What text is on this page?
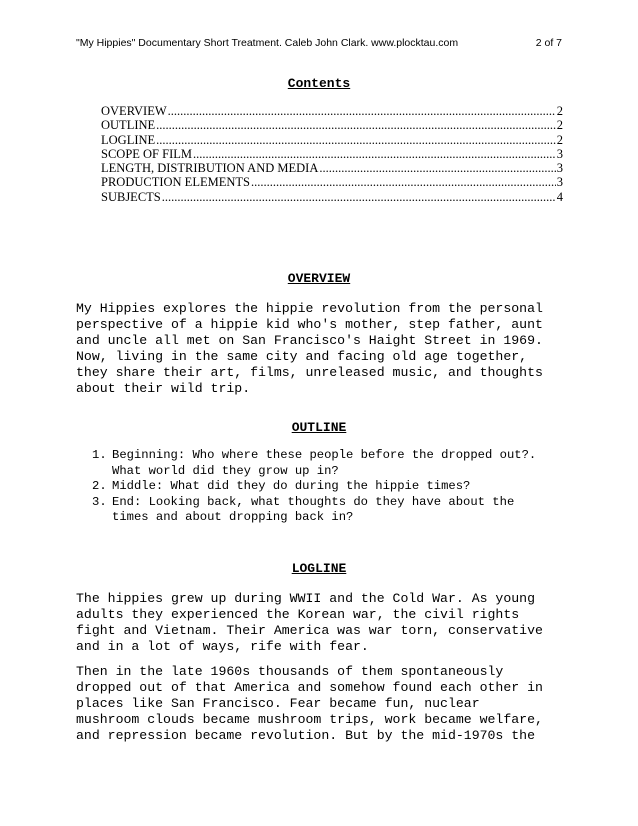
"My Hippies" Documentary Short Treatment. Caleb John Clark. www.plocktau.com	2 of 7
Contents
OVERVIEW .....	2
OUTLINE .....	2
LOGLINE .....	2
SCOPE OF FILM .....	3
LENGTH, DISTRIBUTION AND MEDIA .....	3
PRODUCTION ELEMENTS .....	3
SUBJECTS .....	4
OVERVIEW
My Hippies explores the hippie revolution from the personal
perspective of a hippie kid who's mother, step father, aunt
and uncle all met on San Francisco's Haight Street in 1969.
Now, living in the same city and facing old age together,
they share their art, films, unreleased music, and thoughts
about their wild trip.
OUTLINE
1. Beginning: Who where these people before the dropped out?.
What world did they grow up in?
2. Middle: What did they do during the hippie times?
3. End: Looking back, what thoughts do they have about the
times and about dropping back in?
LOGLINE
The hippies grew up during WWII and the Cold War. As young
adults they experienced the Korean war, the civil rights
fight and Vietnam. Their America was war torn, conservative
and in a lot of ways, rife with fear.
Then in the late 1960s thousands of them spontaneously
dropped out of that America and somehow found each other in
places like San Francisco. Fear became fun, nuclear
mushroom clouds became mushroom trips, work became welfare,
and repression became revolution. But by the mid-1970s the
